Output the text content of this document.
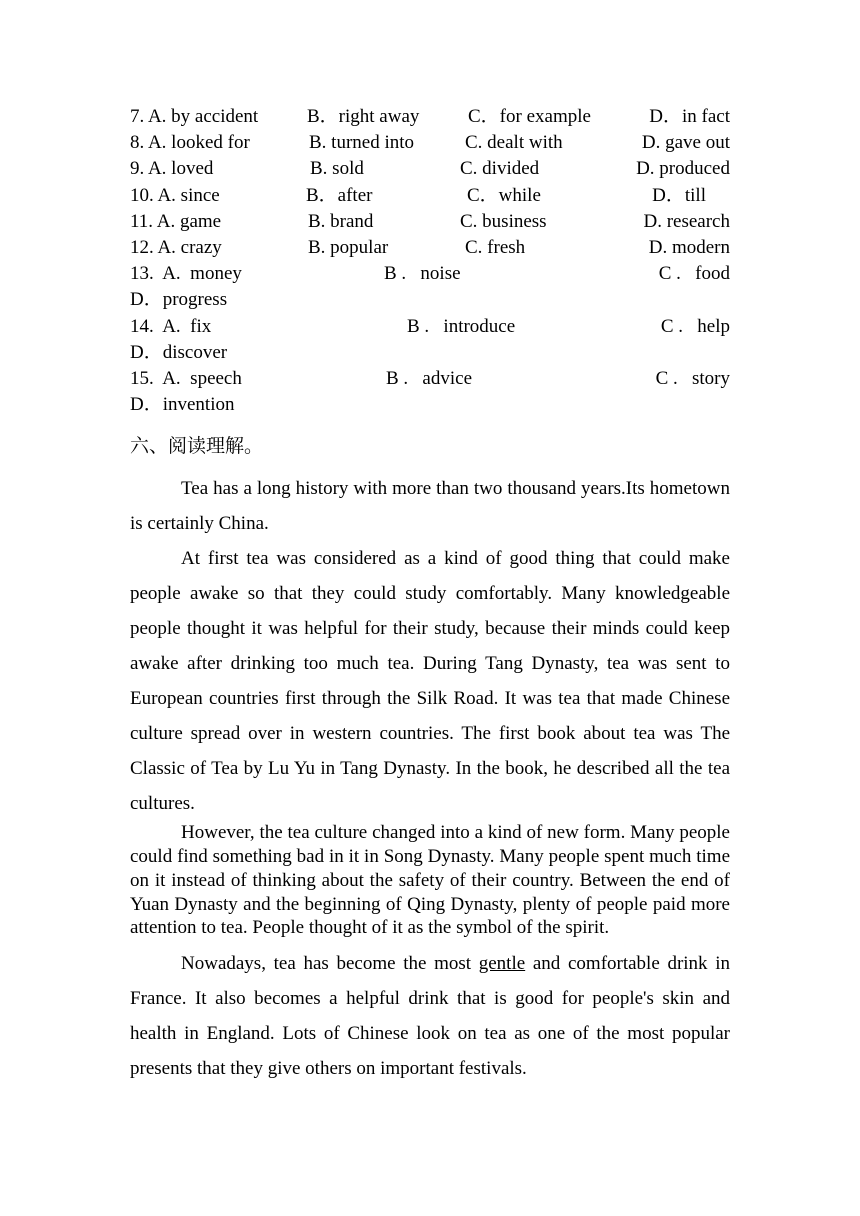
7. A. by accident	B．right away	C．for example	D．in fact
8. A. looked for	B. turned into	C. dealt with	D. gave out
9. A. loved	B. sold	C. divided	D. produced
10. A. since	B．after	C．while	D．till
11. A. game	B. brand	C. business	D. research
12. A. crazy	B. popular	C. fresh	D. modern
13.  A.  money	B .   noise	C .   food
D．progress
14.  A.  fix	B .   introduce	C .   help
D．discover
15.  A.  speech	B .   advice	C .   story
D．invention
六、阅读理解。

Tea has a long history with more than two thousand years.Its hometown is certainly China.

At first tea was considered as a kind of good thing that could make people awake so that they could study comfortably. Many knowledgeable people thought it was helpful for their study, because their minds could keep awake after drinking too much tea. During Tang Dynasty, tea was sent to European countries first through the Silk Road. It was tea that made Chinese culture spread over in western countries. The first book about tea was The Classic of Tea by Lu Yu in Tang Dynasty. In the book, he described all the tea cultures.

However, the tea culture changed into a kind of new form. Many people could find something bad in it in Song Dynasty. Many people spent much time on it instead of thinking about the safety of their country. Between the end of Yuan Dynasty and the beginning of Qing Dynasty, plenty of people paid more attention to tea. People thought of it as the symbol of the spirit.

Nowadays, tea has become the most gentle and comfortable drink in France. It also becomes a helpful drink that is good for people's skin and health in England. Lots of Chinese look on tea as one of the most popular presents that they give others on important festivals.
